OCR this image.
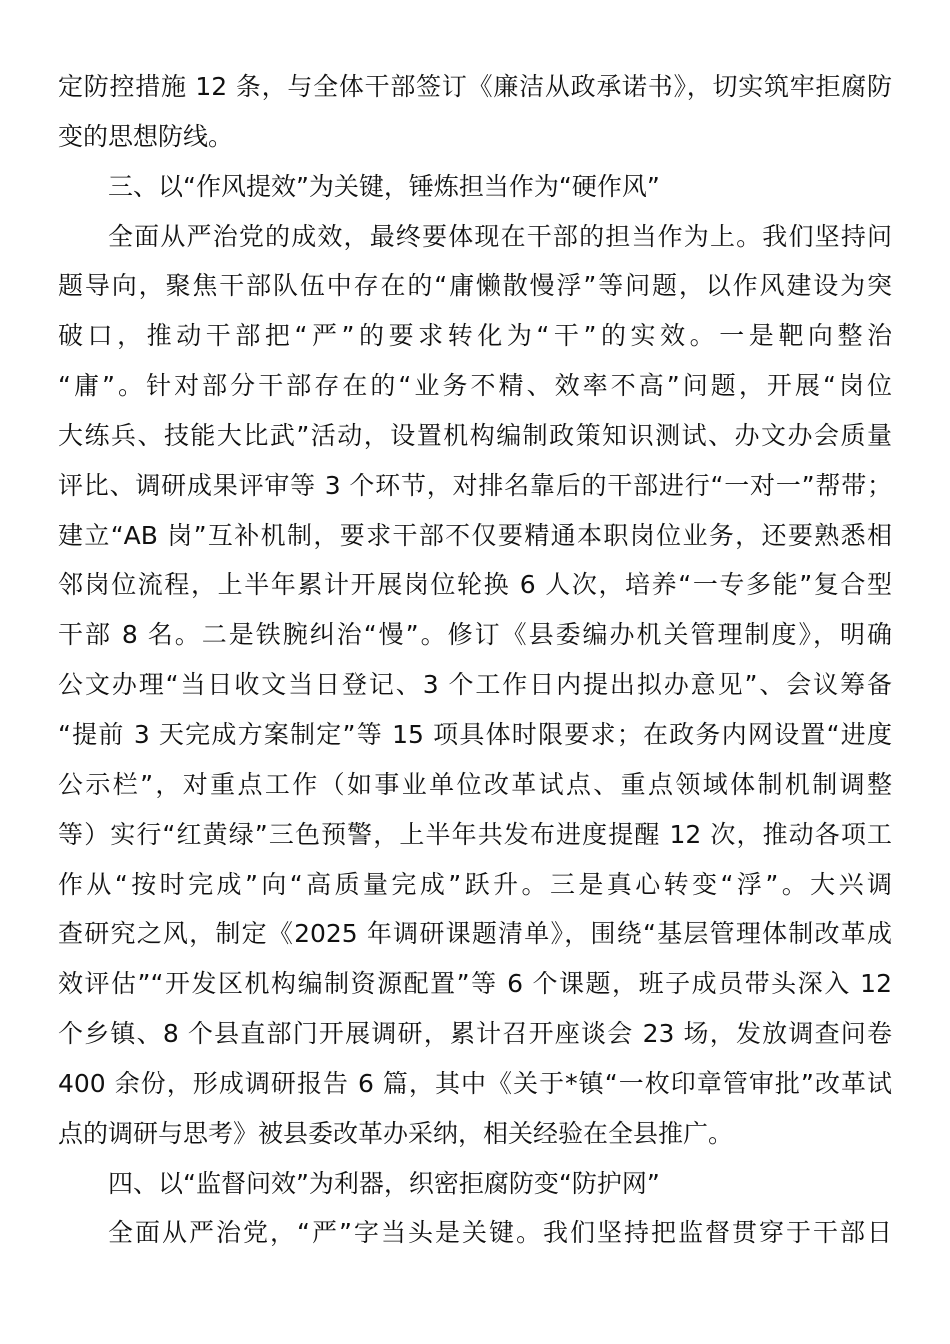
定防控措施 12 条，与全体干部签订《廉洁从政承诺书》，切实筑牢拒腐防
变的思想防线。
三、以“作风提效”为关键，锤炼担当作为“硬作风”
全面从严治党的成效，最终要体现在干部的担当作为上。我们坚持问
题导向，聚焦干部队伍中存在的“庸懒散慢浮”等问题，以作风建设为突
破口，推动干部把“严”的要求转化为“干”的实效。一是靶向整治
“庸”。针对部分干部存在的“业务不精、效率不高”问题，开展“岗位
大练兵、技能大比武”活动，设置机构编制政策知识测试、办文办会质量
评比、调研成果评审等 3 个环节，对排名靠后的干部进行“一对一”帮带；
建立“AB 岗”互补机制，要求干部不仅要精通本职岗位业务，还要熟悉相
邻岗位流程，上半年累计开展岗位轮换 6 人次，培养“一专多能”复合型
干部 8 名。二是铁腕纠治“慢”。修订《县委编办机关管理制度》，明确
公文办理“当日收文当日登记、3 个工作日内提出拟办意见”、会议筹备
“提前 3 天完成方案制定”等 15 项具体时限要求；在政务内网设置“进度
公示栏”，对重点工作（如事业单位改革试点、重点领域体制机制调整
等）实行“红黄绿”三色预警，上半年共发布进度提醒 12 次，推动各项工
作从“按时完成”向“高质量完成”跃升。三是真心转变“浮”。大兴调
查研究之风，制定《2025 年调研课题清单》，围绕“基层管理体制改革成
效评估”“开发区机构编制资源配置”等 6 个课题，班子成员带头深入 12
个乡镇、8 个县直部门开展调研，累计召开座谈会 23 场，发放调查问卷
400 余份，形成调研报告 6 篇，其中《关于*镇“一枚印章管审批”改革试
点的调研与思考》被县委改革办采纳，相关经验在全县推广。
四、以“监督问效”为利器，织密拒腐防变“防护网”
全面从严治党，“严”字当头是关键。我们坚持把监督贯穿于干部日
